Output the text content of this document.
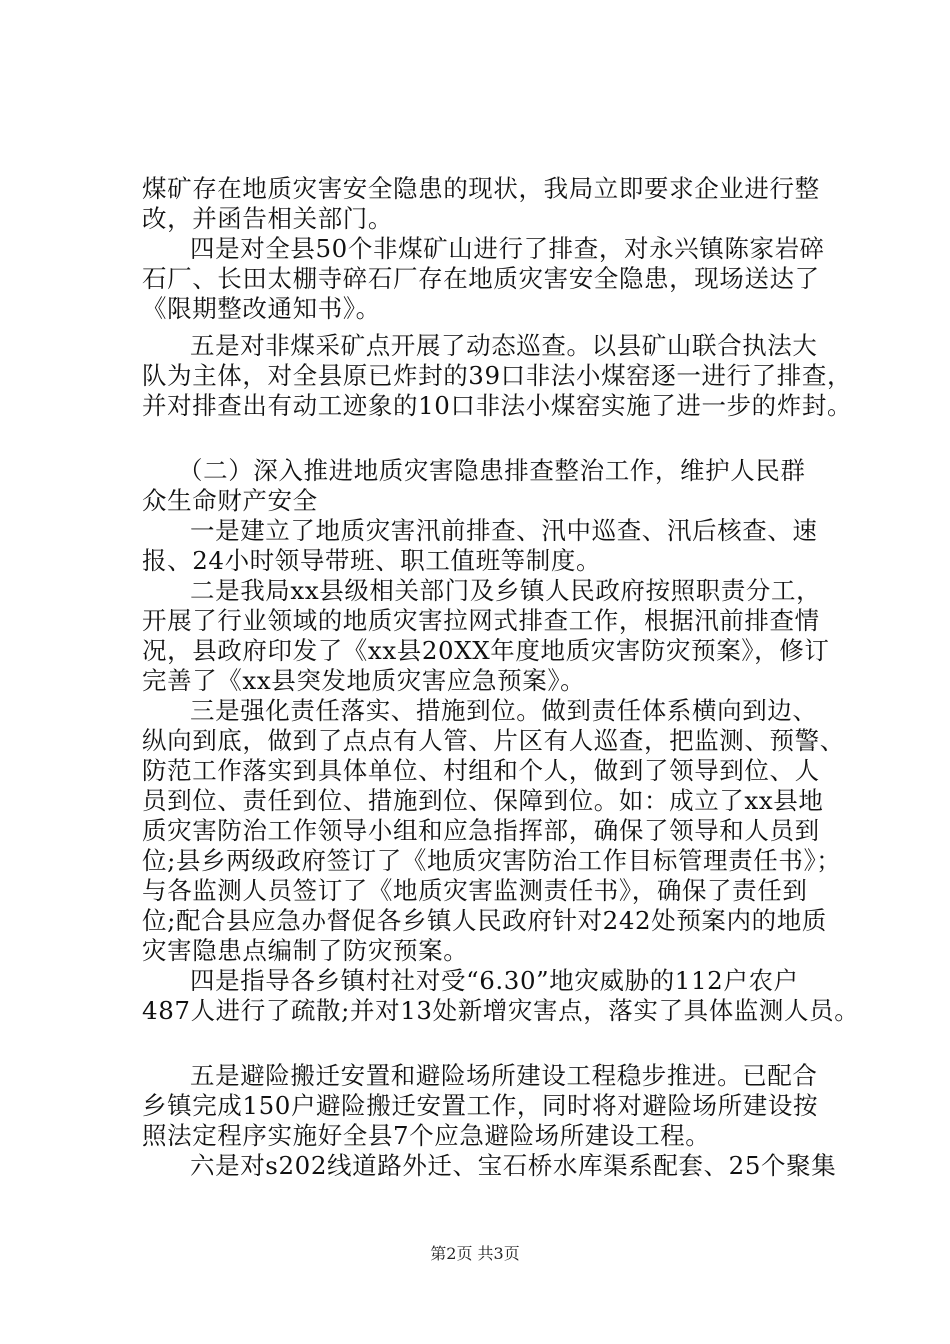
煤矿存在地质灾害安全隐患的现状，我局立即要求企业进行整
改，并函告相关部门。
四是对全县50个非煤矿山进行了排查，对永兴镇陈家岩碎
石厂、长田太棚寺碎石厂存在地质灾害安全隐患，现场送达了
《限期整改通知书》。
五是对非煤采矿点开展了动态巡查。以县矿山联合执法大
队为主体，对全县原已炸封的39口非法小煤窑逐一进行了排查，
并对排查出有动工迹象的10口非法小煤窑实施了进一步的炸封。
（二）深入推进地质灾害隐患排查整治工作，维护人民群
众生命财产安全
一是建立了地质灾害汛前排查、汛中巡查、汛后核查、速
报、24小时领导带班、职工值班等制度。
二是我局xx县级相关部门及乡镇人民政府按照职责分工，
开展了行业领域的地质灾害拉网式排查工作，根据汛前排查情
况，县政府印发了《xx县20XX年度地质灾害防灾预案》，修订
完善了《xx县突发地质灾害应急预案》。
三是强化责任落实、措施到位。做到责任体系横向到边、
纵向到底，做到了点点有人管、片区有人巡查，把监测、预警、
防范工作落实到具体单位、村组和个人，做到了领导到位、人
员到位、责任到位、措施到位、保障到位。如：成立了xx县地
质灾害防治工作领导小组和应急指挥部，确保了领导和人员到
位;县乡两级政府签订了《地质灾害防治工作目标管理责任书》；
与各监测人员签订了《地质灾害监测责任书》，确保了责任到
位;配合县应急办督促各乡镇人民政府针对242处预案内的地质
灾害隐患点编制了防灾预案。
四是指导各乡镇村社对受“6.30”地灾威胁的112户农户
487人进行了疏散;并对13处新增灾害点，落实了具体监测人员。
五是避险搬迁安置和避险场所建设工程稳步推进。已配合
乡镇完成150户避险搬迁安置工作，同时将对避险场所建设按
照法定程序实施好全县7个应急避险场所建设工程。
六是对s202线道路外迁、宝石桥水库渠系配套、25个聚集
第2页 共3页
